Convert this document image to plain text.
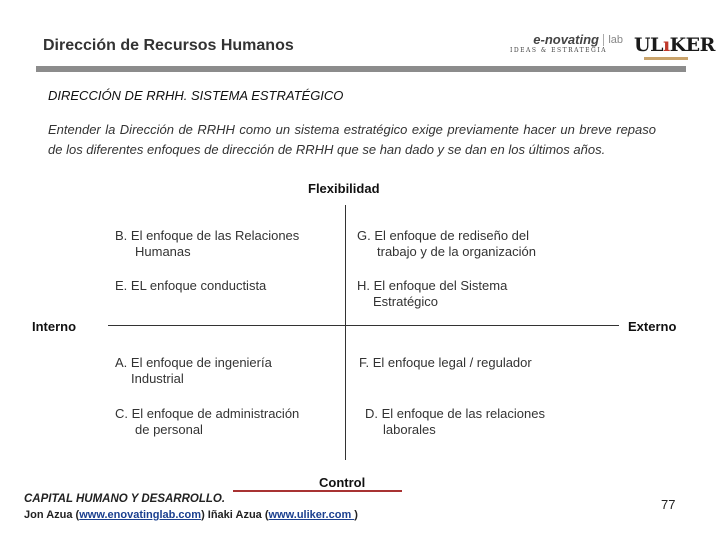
Dirección de Recursos Humanos	e-novating lab
IDEAS & ESTRATEGIA ULıKER
DIRECCIÓN DE RRHH. SISTEMA ESTRATÉGICO
Entender la Dirección de RRHH como un sistema estratégico exige previamente hacer un breve repaso de los diferentes enfoques de dirección de RRHH que se han dado y se dan en los últimos años.
Flexibilidad
Control
Interno	Externo
B. El enfoque de las Relaciones
Humanas
E. EL enfoque conductista
G. El enfoque de rediseño del
trabajo y de la organización
H. El enfoque del Sistema
Estratégico
A. El enfoque de ingeniería
Industrial
C. El enfoque de administración
de personal
F. El enfoque legal / regulador
D. El enfoque de las relaciones
laborales
CAPITAL HUMANO Y DESARROLLO.
Jon Azua (www.enovatinglab.com) Iñaki Azua (www.uliker.com )
77
